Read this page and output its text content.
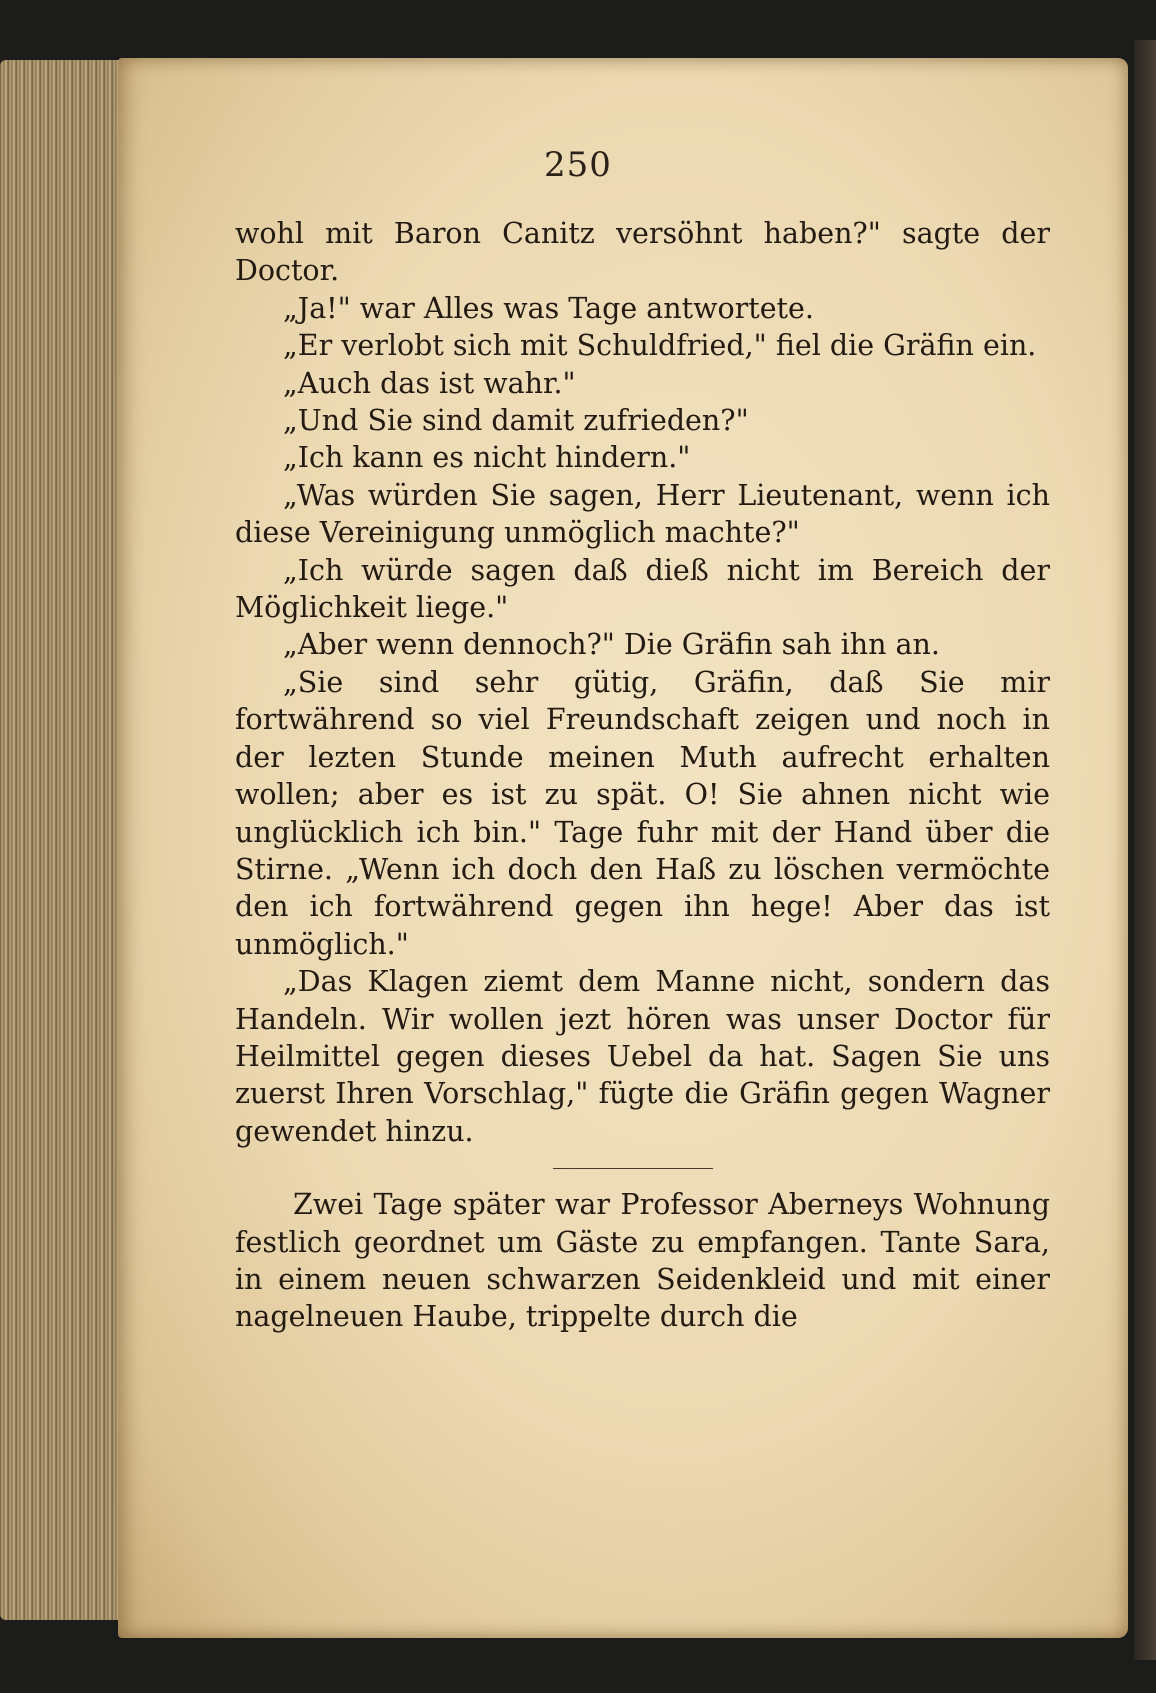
250

wohl mit Baron Canitz versöhnt haben?" sagte der Doctor.

„Ja!" war Alles was Tage antwortete.

„Er verlobt sich mit Schuldfried," fiel die Gräfin ein.

„Auch das ist wahr."

„Und Sie sind damit zufrieden?"

„Ich kann es nicht hindern."

„Was würden Sie sagen, Herr Lieutenant, wenn ich diese Vereinigung unmöglich machte?"

„Ich würde sagen daß dieß nicht im Bereich der Möglichkeit liege."

„Aber wenn dennoch?" Die Gräfin sah ihn an.

„Sie sind sehr gütig, Gräfin, daß Sie mir fortwährend so viel Freundschaft zeigen und noch in der lezten Stunde meinen Muth aufrecht erhalten wollen; aber es ist zu spät. O! Sie ahnen nicht wie unglücklich ich bin." Tage fuhr mit der Hand über die Stirne. „Wenn ich doch den Haß zu löschen vermöchte den ich fortwährend gegen ihn hege! Aber das ist unmöglich."

„Das Klagen ziemt dem Manne nicht, sondern das Handeln. Wir wollen jezt hören was unser Doctor für Heilmittel gegen dieses Uebel da hat. Sagen Sie uns zuerst Ihren Vorschlag," fügte die Gräfin gegen Wagner gewendet hinzu.

Zwei Tage später war Professor Aberneys Wohnung festlich geordnet um Gäste zu empfangen. Tante Sara, in einem neuen schwarzen Seidenkleid und mit einer nagelneuen Haube, trippelte durch die
